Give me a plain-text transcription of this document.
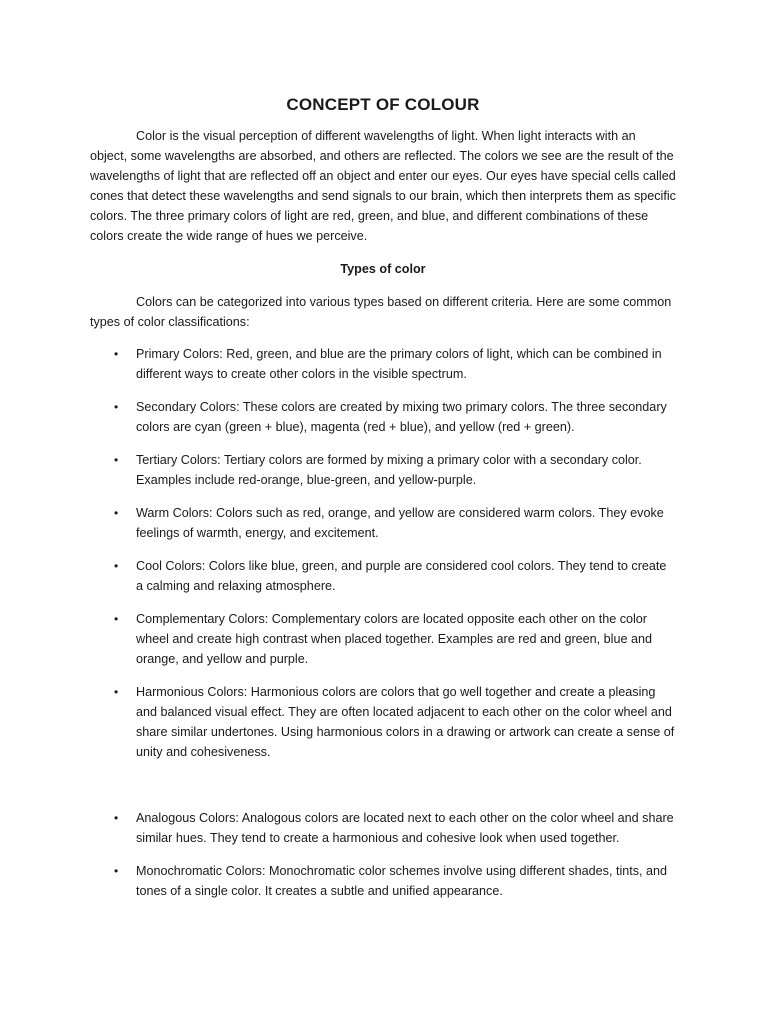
CONCEPT OF COLOUR

Color is the visual perception of different wavelengths of light. When light interacts with an object, some wavelengths are absorbed, and others are reflected. The colors we see are the result of the wavelengths of light that are reflected off an object and enter our eyes. Our eyes have special cells called cones that detect these wavelengths and send signals to our brain, which then interprets them as specific colors. The three primary colors of light are red, green, and blue, and different combinations of these colors create the wide range of hues we perceive.

Types of color

Colors can be categorized into various types based on different criteria. Here are some common types of color classifications:

• Primary Colors: Red, green, and blue are the primary colors of light, which can be combined in different ways to create other colors in the visible spectrum.
• Secondary Colors: These colors are created by mixing two primary colors. The three secondary colors are cyan (green + blue), magenta (red + blue), and yellow (red + green).
• Tertiary Colors: Tertiary colors are formed by mixing a primary color with a secondary color. Examples include red-orange, blue-green, and yellow-purple.
• Warm Colors: Colors such as red, orange, and yellow are considered warm colors. They evoke feelings of warmth, energy, and excitement.
• Cool Colors: Colors like blue, green, and purple are considered cool colors. They tend to create a calming and relaxing atmosphere.
• Complementary Colors: Complementary colors are located opposite each other on the color wheel and create high contrast when placed together. Examples are red and green, blue and orange, and yellow and purple.
• Harmonious Colors: Harmonious colors are colors that go well together and create a pleasing and balanced visual effect. They are often located adjacent to each other on the color wheel and share similar undertones. Using harmonious colors in a drawing or artwork can create a sense of unity and cohesiveness.
• Analogous Colors: Analogous colors are located next to each other on the color wheel and share similar hues. They tend to create a harmonious and cohesive look when used together.
• Monochromatic Colors: Monochromatic color schemes involve using different shades, tints, and tones of a single color. It creates a subtle and unified appearance.
